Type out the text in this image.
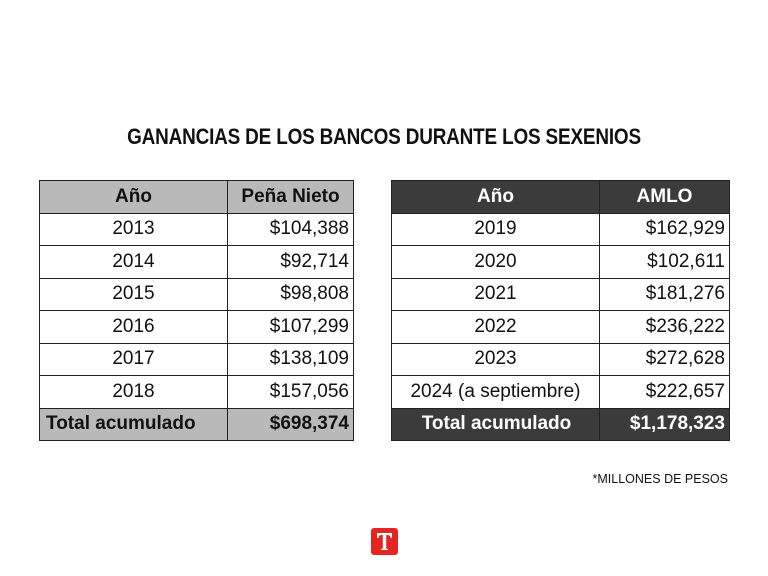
GANANCIAS DE LOS BANCOS DURANTE LOS SEXENIOS
Año	Peña Nieto
2013	$104,388
2014	$92,714
2015	$98,808
2016	$107,299
2017	$138,109
2018	$157,056
Total acumulado	$698,374
Año	AMLO
2019	$162,929
2020	$102,611
2021	$181,276
2022	$236,222
2023	$272,628
2024 (a septiembre)	$222,657
Total acumulado	$1,178,323
*MILLONES DE PESOS
